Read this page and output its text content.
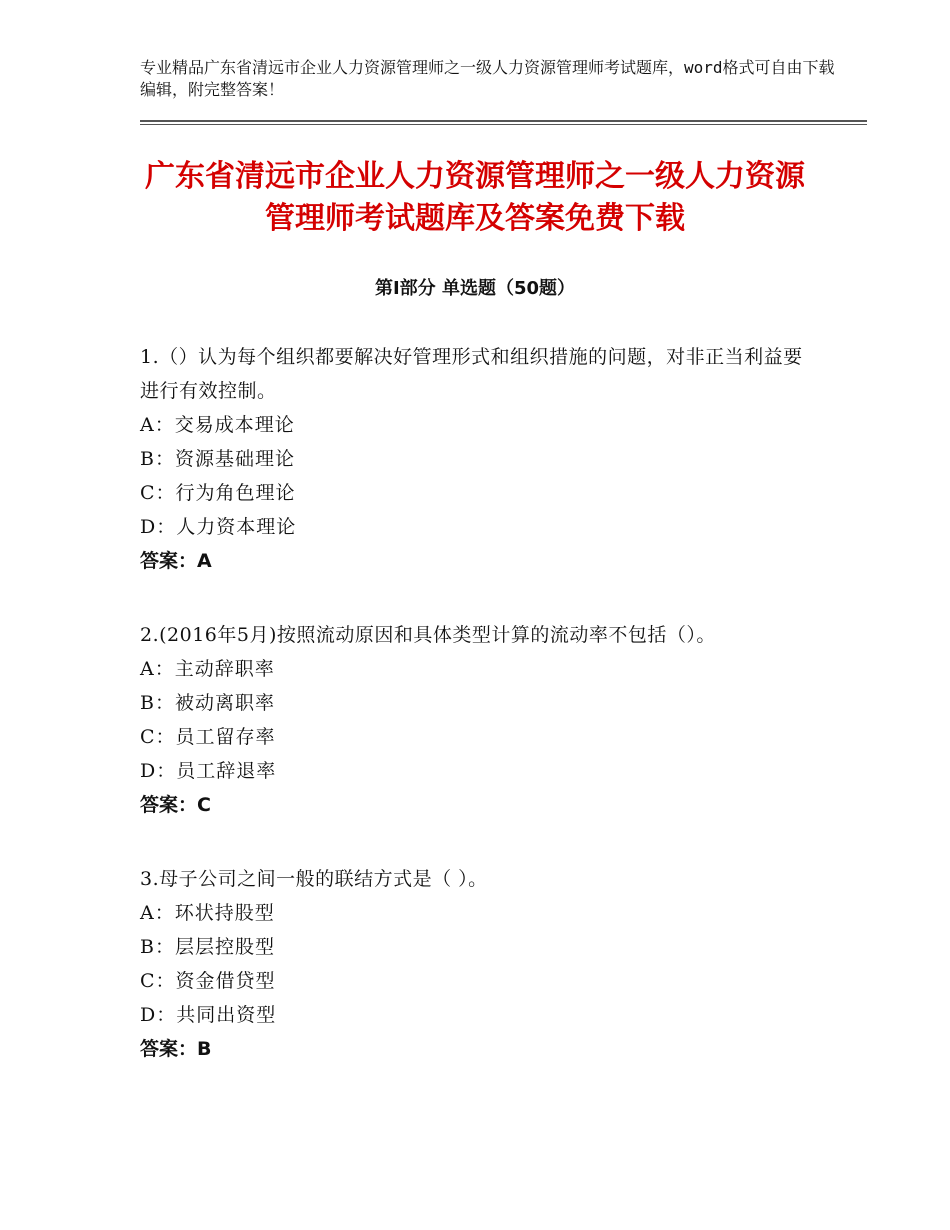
专业精品广东省清远市企业人力资源管理师之一级人力资源管理师考试题库，word格式可自由下载编辑，附完整答案！
广东省清远市企业人力资源管理师之一级人力资源管理师考试题库及答案免费下载
第Ⅰ部分 单选题（50题）
1.（）认为每个组织都要解决好管理形式和组织措施的问题，对非正当利益要进行有效控制。
A：交易成本理论
B：资源基础理论
C：行为角色理论
D：人力资本理论
答案：A
2.(2016年5月)按照流动原因和具体类型计算的流动率不包括（）。
A：主动辞职率
B：被动离职率
C：员工留存率
D：员工辞退率
答案：C
3.母子公司之间一般的联结方式是（ ）。
A：环状持股型
B：层层控股型
C：资金借贷型
D：共同出资型
答案：B
